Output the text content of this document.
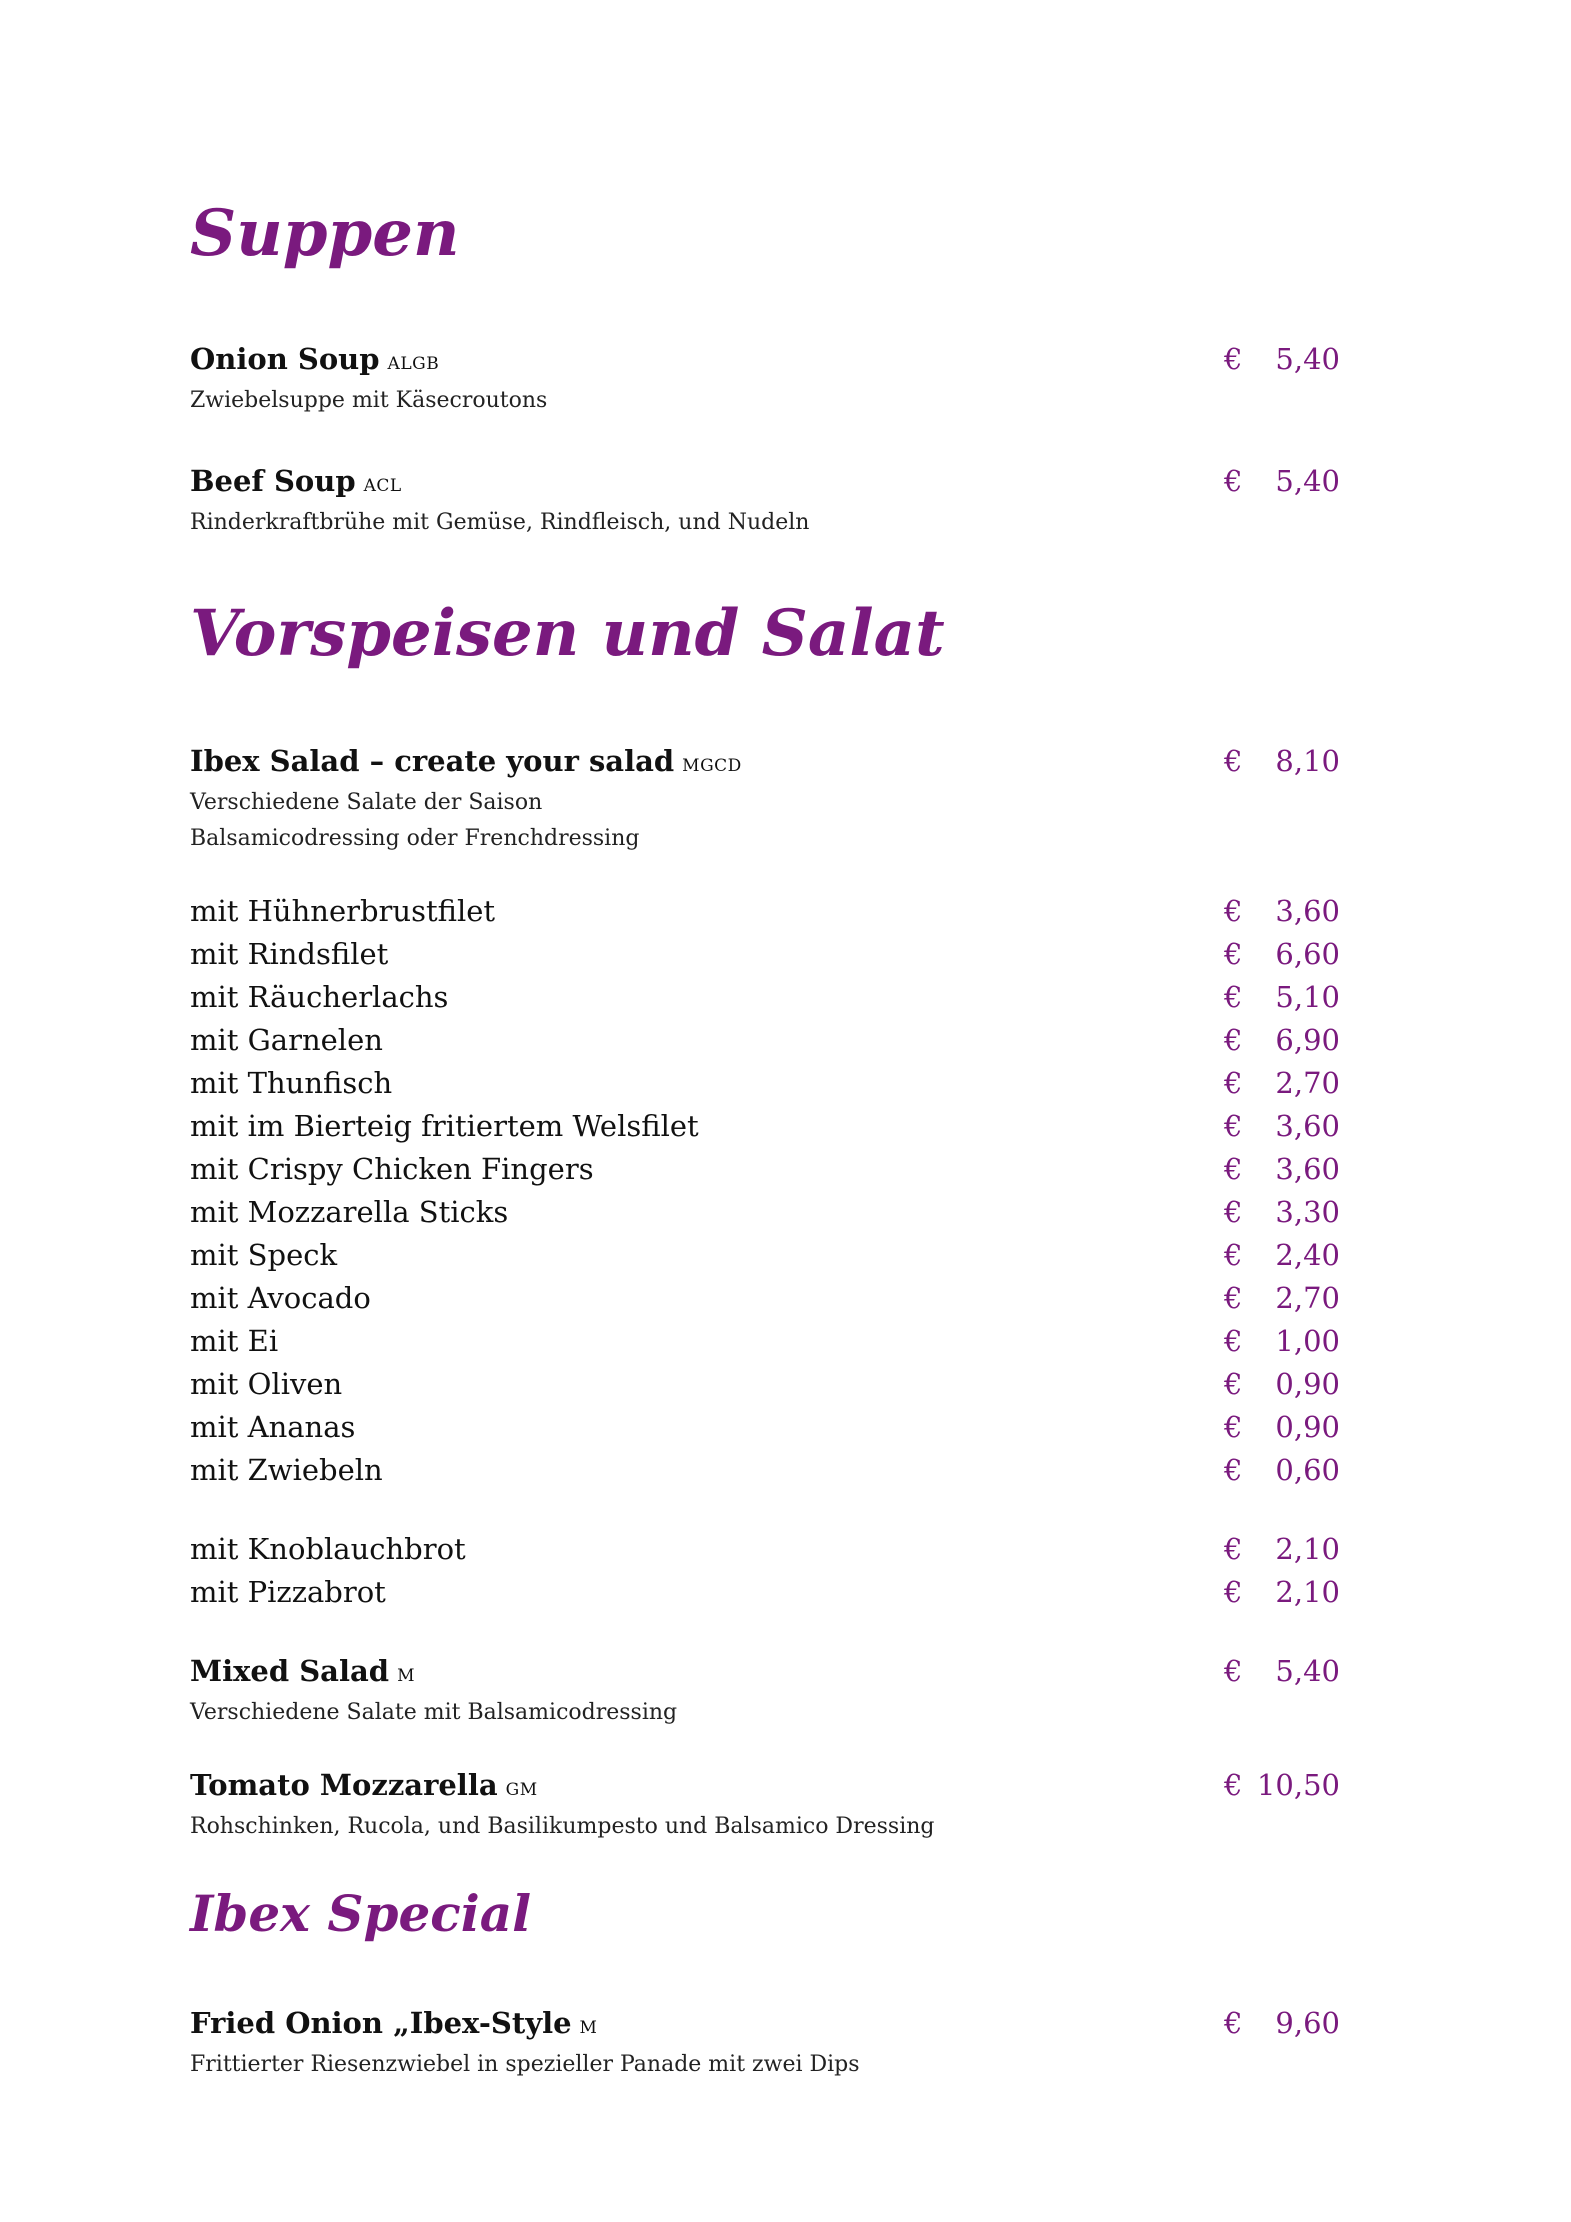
Suppen
Onion Soup ALGB	€ 5,40
Zwiebelsuppe mit Käsecroutons
Beef Soup ACL	€ 5,40
Rinderkraftbrühe mit Gemüse, Rindfleisch, und Nudeln
Vorspeisen und Salat
Ibex Salad – create your salad MGCD	€ 8,10
Verschiedene Salate der Saison
Balsamicodressing oder Frenchdressing
mit Hühnerbrustfilet	€ 3,60
mit Rindsfilet	€ 6,60
mit Räucherlachs	€ 5,10
mit Garnelen	€ 6,90
mit Thunfisch	€ 2,70
mit im Bierteig fritiertem Welsfilet	€ 3,60
mit Crispy Chicken Fingers	€ 3,60
mit Mozzarella Sticks	€ 3,30
mit Speck	€ 2,40
mit Avocado	€ 2,70
mit Ei	€ 1,00
mit Oliven	€ 0,90
mit Ananas	€ 0,90
mit Zwiebeln	€ 0,60
mit Knoblauchbrot	€ 2,10
mit Pizzabrot	€ 2,10
Mixed Salad M	€ 5,40
Verschiedene Salate mit Balsamicodressing
Tomato Mozzarella GM	€ 10,50
Rohschinken, Rucola, und Basilikumpesto und Balsamico Dressing
Ibex Special
Fried Onion „Ibex-Style M	€ 9,60
Frittierter Riesenzwiebel in spezieller Panade mit zwei Dips
